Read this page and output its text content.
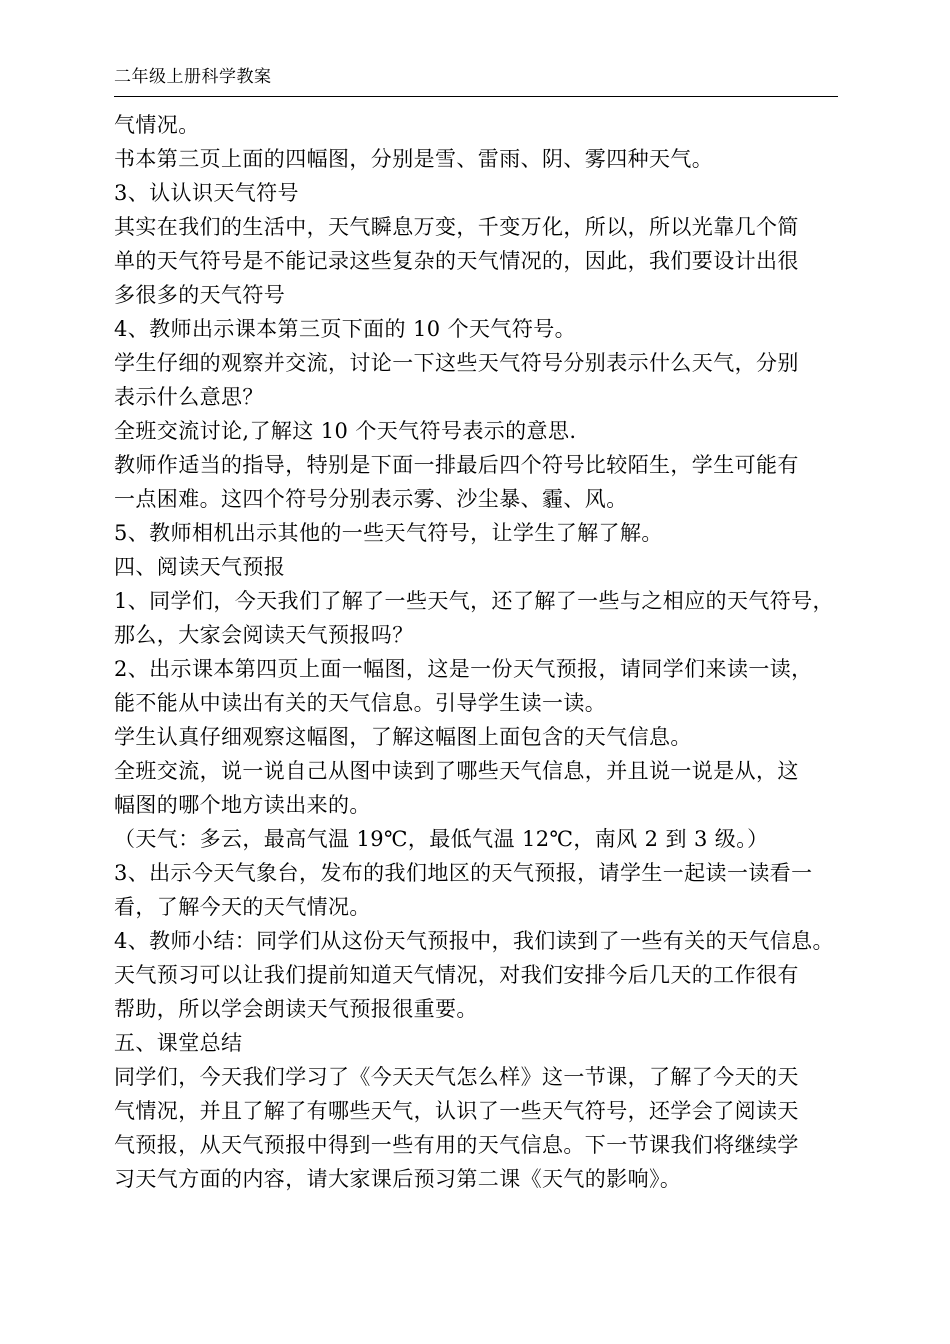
二年级上册科学教案
气情况。
书本第三页上面的四幅图，分别是雪、雷雨、阴、雾四种天气。
3、认认识天气符号
其实在我们的生活中，天气瞬息万变，千变万化，所以，所以光靠几个简
单的天气符号是不能记录这些复杂的天气情况的，因此，我们要设计出很
多很多的天气符号
4、教师出示课本第三页下面的 10 个天气符号。
学生仔细的观察并交流，讨论一下这些天气符号分别表示什么天气，分别
表示什么意思？
全班交流讨论,了解这 10 个天气符号表示的意思.
教师作适当的指导，特别是下面一排最后四个符号比较陌生，学生可能有
一点困难。这四个符号分别表示雾、沙尘暴、霾、风。
5、教师相机出示其他的一些天气符号，让学生了解了解。
四、阅读天气预报
1、同学们，今天我们了解了一些天气，还了解了一些与之相应的天气符号，
那么，大家会阅读天气预报吗？
2、出示课本第四页上面一幅图，这是一份天气预报，请同学们来读一读，
能不能从中读出有关的天气信息。引导学生读一读。
学生认真仔细观察这幅图，了解这幅图上面包含的天气信息。
全班交流，说一说自己从图中读到了哪些天气信息，并且说一说是从，这
幅图的哪个地方读出来的。
（天气：多云，最高气温 19℃，最低气温 12℃，南风 2 到 3 级。）
3、出示今天气象台，发布的我们地区的天气预报，请学生一起读一读看一
看，了解今天的天气情况。
4、教师小结：同学们从这份天气预报中，我们读到了一些有关的天气信息。
天气预习可以让我们提前知道天气情况，对我们安排今后几天的工作很有
帮助，所以学会朗读天气预报很重要。
五、课堂总结
同学们，今天我们学习了《今天天气怎么样》这一节课，了解了今天的天
气情况，并且了解了有哪些天气，认识了一些天气符号，还学会了阅读天
气预报，从天气预报中得到一些有用的天气信息。下一节课我们将继续学
习天气方面的内容，请大家课后预习第二课《天气的影响》。
